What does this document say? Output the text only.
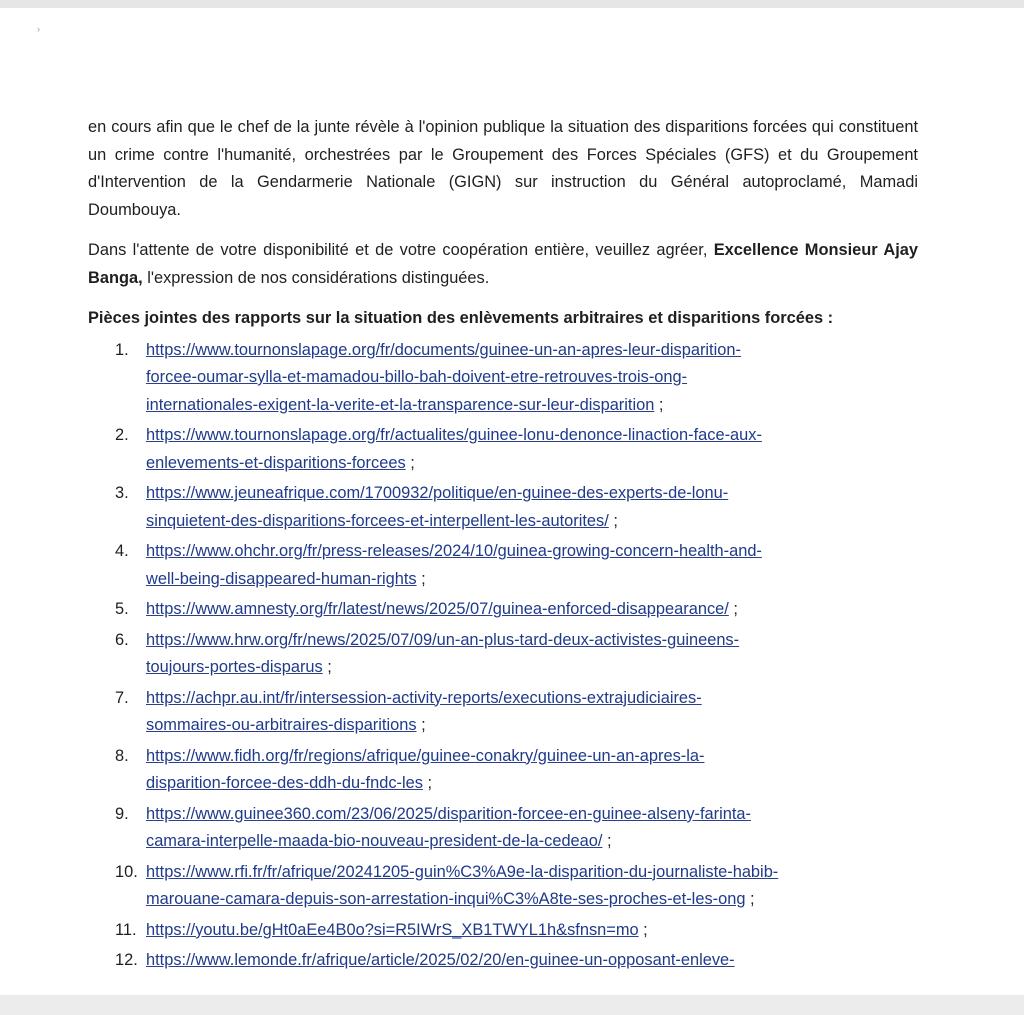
›

en cours afin que le chef de la junte révèle à l'opinion publique la situation des disparitions forcées qui constituent un crime contre l'humanité, orchestrées par le Groupement des Forces Spéciales (GFS) et du Groupement d'Intervention de la Gendarmerie Nationale (GIGN) sur instruction du Général autoproclamé, Mamadi Doumbouya.

Dans l'attente de votre disponibilité et de votre coopération entière, veuillez agréer, Excellence Monsieur Ajay Banga, l'expression de nos considérations distinguées.

Pièces jointes des rapports sur la situation des enlèvements arbitraires et disparitions forcées :
1.	https://www.tournonslapage.org/fr/documents/guinee-un-an-apres-leur-disparition-
forcee-oumar-sylla-et-mamadou-billo-bah-doivent-etre-retrouves-trois-ong-
internationales-exigent-la-verite-et-la-transparence-sur-leur-disparition ;
2.	https://www.tournonslapage.org/fr/actualites/guinee-lonu-denonce-linaction-face-aux-
enlevements-et-disparitions-forcees ;
3.	https://www.jeuneafrique.com/1700932/politique/en-guinee-des-experts-de-lonu-
sinquietent-des-disparitions-forcees-et-interpellent-les-autorites/ ;
4.	https://www.ohchr.org/fr/press-releases/2024/10/guinea-growing-concern-health-and-
well-being-disappeared-human-rights ;
5.	https://www.amnesty.org/fr/latest/news/2025/07/guinea-enforced-disappearance/ ;
6.	https://www.hrw.org/fr/news/2025/07/09/un-an-plus-tard-deux-activistes-guineens-
toujours-portes-disparus ;
7.	https://achpr.au.int/fr/intersession-activity-reports/executions-extrajudiciaires-
sommaires-ou-arbitraires-disparitions ;
8.	https://www.fidh.org/fr/regions/afrique/guinee-conakry/guinee-un-an-apres-la-
disparition-forcee-des-ddh-du-fndc-les ;
9.	https://www.guinee360.com/23/06/2025/disparition-forcee-en-guinee-alseny-farinta-
camara-interpelle-maada-bio-nouveau-president-de-la-cedeao/ ;
10. https://www.rfi.fr/fr/afrique/20241205-guin%C3%A9e-la-disparition-du-journaliste-habib-
marouane-camara-depuis-son-arrestation-inqui%C3%A8te-ses-proches-et-les-ong ;
11. https://youtu.be/gHt0aEe4B0o?si=R5IWrS_XB1TWYL1h&sfnsn=mo ;
12. https://www.lemonde.fr/afrique/article/2025/02/20/en-guinee-un-opposant-enleve-
